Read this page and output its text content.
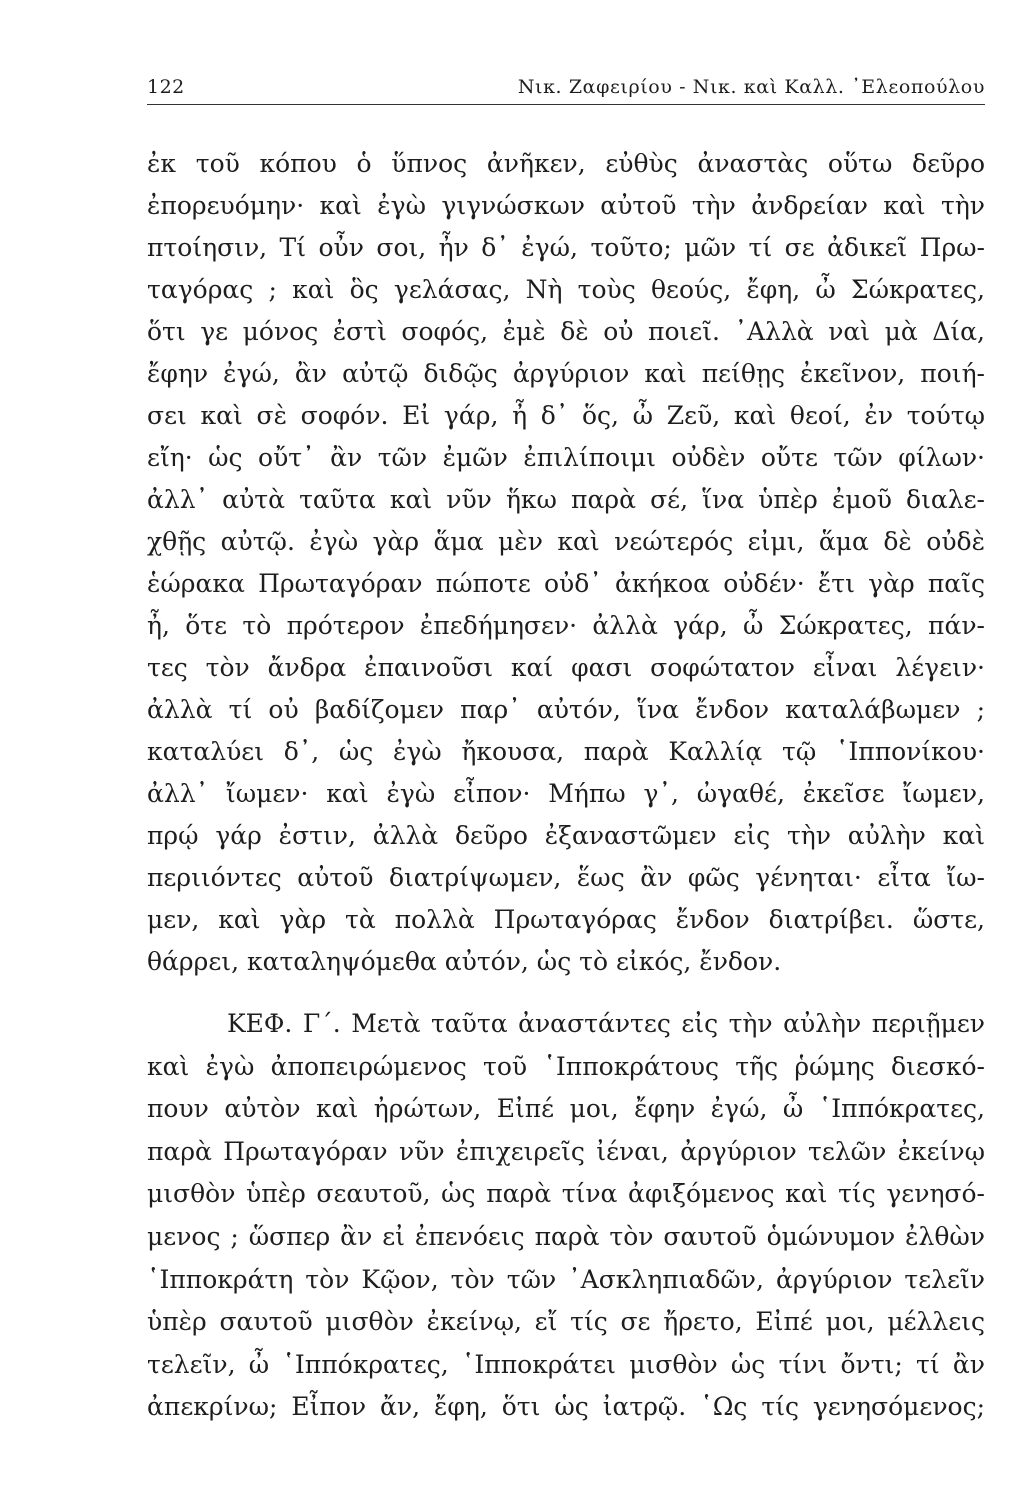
122	Νικ. Ζαφειρίου - Νικ. καὶ Καλλ. ᾿Ελεοπούλου
ἐκ τοῦ κόπου ὁ ὕπνος ἀνῆκεν, εὐθὺς ἀναστὰς οὕτω δεῦρο
ἐπορευόμην· καὶ ἐγὼ γιγνώσκων αὐτοῦ τὴν ἀνδρείαν καὶ τὴν
πτοίησιν, Τί οὖν σοι, ἦν δ᾿ ἐγώ, τοῦτο; μῶν τί σε ἀδικεῖ Πρω-
ταγόρας ; καὶ ὃς γελάσας, Νὴ τοὺς θεούς, ἔφη, ὦ Σώκρατες,
ὅτι γε μόνος ἐστὶ σοφός, ἐμὲ δὲ οὐ ποιεῖ. ᾿Αλλὰ ναὶ μὰ Δία,
ἔφην ἐγώ, ἂν αὐτῷ διδῷς ἀργύριον καὶ πείθῃς ἐκεῖνον, ποιή-
σει καὶ σὲ σοφόν. Εἰ γάρ, ἦ δ᾿ ὅς, ὦ Ζεῦ, καὶ θεοί, ἐν τούτῳ
εἴη· ὡς οὔτ᾿ ἂν τῶν ἐμῶν ἐπιλίποιμι οὐδὲν οὔτε τῶν φίλων·
ἀλλ᾿ αὐτὰ ταῦτα καὶ νῦν ἥκω παρὰ σέ, ἵνα ὑπὲρ ἐμοῦ διαλε-
χθῇς αὐτῷ. ἐγὼ γὰρ ἅμα μὲν καὶ νεώτερός εἰμι, ἅμα δὲ οὐδὲ
ἑώρακα Πρωταγόραν πώποτε οὐδ᾿ ἀκήκοα οὐδέν· ἔτι γὰρ παῖς
ἦ, ὅτε τὸ πρότερον ἐπεδήμησεν· ἀλλὰ γάρ, ὦ Σώκρατες, πάν-
τες τὸν ἄνδρα ἐπαινοῦσι καί φασι σοφώτατον εἶναι λέγειν·
ἀλλὰ τί οὐ βαδίζομεν παρ᾿ αὐτόν, ἵνα ἔνδον καταλάβωμεν ;
καταλύει δ᾿, ὡς ἐγὼ ἤκουσα, παρὰ Καλλίᾳ τῷ ῾Ιππονίκου·
ἀλλ᾿ ἴωμεν· καὶ ἐγὼ εἶπον· Μήπω γ᾿, ὠγαθέ, ἐκεῖσε ἴωμεν,
πρῴ γάρ ἐστιν, ἀλλὰ δεῦρο ἐξαναστῶμεν εἰς τὴν αὐλὴν καὶ
περιιόντες αὐτοῦ διατρίψωμεν, ἕως ἂν φῶς γένηται· εἶτα ἴω-
μεν, καὶ γὰρ τὰ πολλὰ Πρωταγόρας ἔνδον διατρίβει. ὥστε,
θάρρει, καταληψόμεθα αὐτόν, ὡς τὸ εἰκός, ἔνδον.
ΚΕΦ. Γ΄. Μετὰ ταῦτα ἀναστάντες εἰς τὴν αὐλὴν περιῇμεν
καὶ ἐγὼ ἀποπειρώμενος τοῦ ῾Ιπποκράτους τῆς ῥώμης διεσκό-
πουν αὐτὸν καὶ ἠρώτων, Εἰπέ μοι, ἔφην ἐγώ, ὦ ῾Ιππόκρατες,
παρὰ Πρωταγόραν νῦν ἐπιχειρεῖς ἰέναι, ἀργύριον τελῶν ἐκείνῳ
μισθὸν ὑπὲρ σεαυτοῦ, ὡς παρὰ τίνα ἀφιξόμενος καὶ τίς γενησό-
μενος ; ὥσπερ ἂν εἰ ἐπενόεις παρὰ τὸν σαυτοῦ ὁμώνυμον ἐλθὼν
῾Ιπποκράτη τὸν Κῷον, τὸν τῶν ᾿Ασκληπιαδῶν, ἀργύριον τελεῖν
ὑπὲρ σαυτοῦ μισθὸν ἐκείνῳ, εἴ τίς σε ἤρετο, Εἰπέ μοι, μέλλεις
τελεῖν, ὦ ῾Ιππόκρατες, ῾Ιπποκράτει μισθὸν ὡς τίνι ὄντι; τί ἂν
ἀπεκρίνω; Εἶπον ἄν, ἔφη, ὅτι ὡς ἰατρῷ. ῾Ως τίς γενησόμενος;
